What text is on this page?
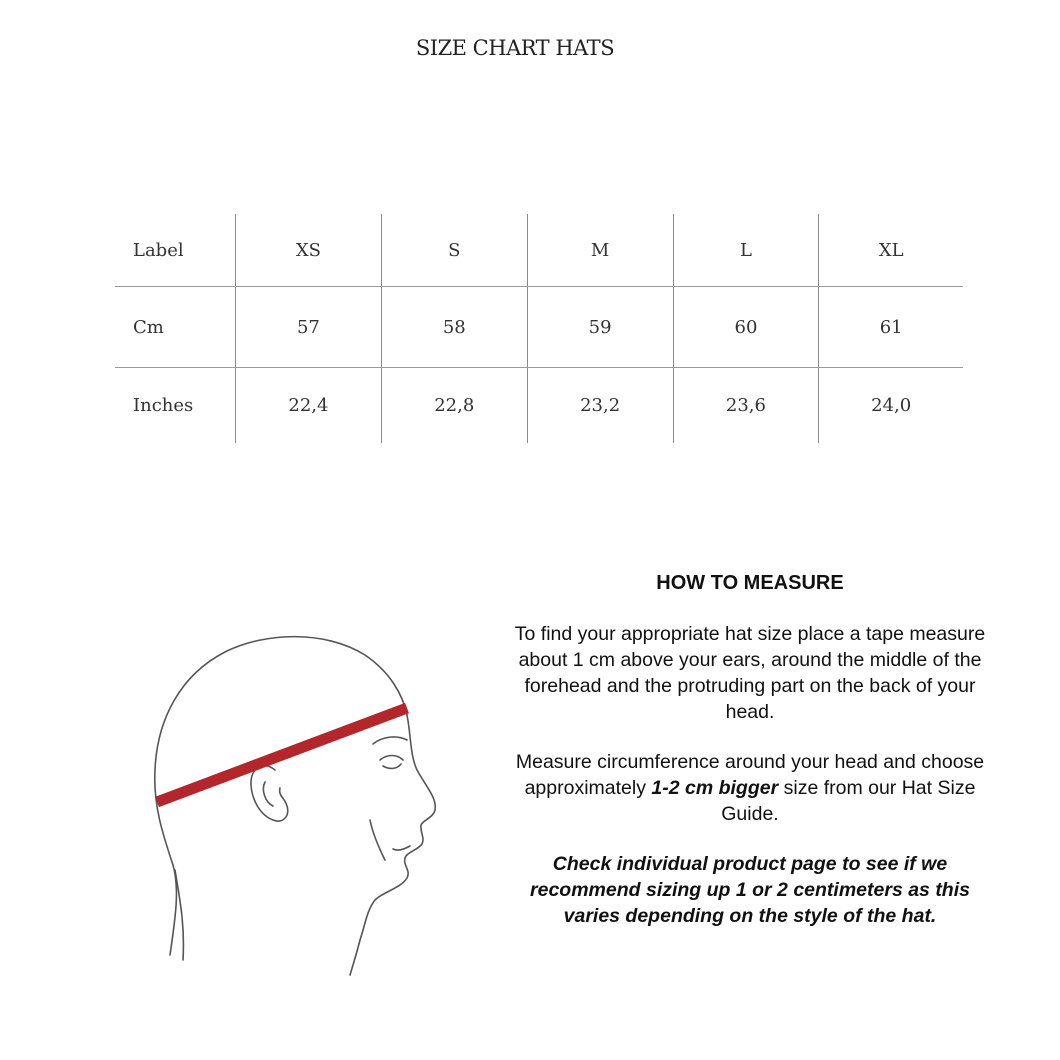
SIZE CHART HATS
Label	XS	S	M	L	XL
Cm	57	58	59	60	61
Inches	22,4	22,8	23,2	23,6	24,0
HOW TO MEASURE

To find your appropriate hat size place a tape measure about 1 cm above your ears, around the middle of the forehead and the protruding part on the back of your head.

Measure circumference around your head and choose approximately 1-2 cm bigger size from our Hat Size Guide.

Check individual product page to see if we recommend sizing up 1 or 2 centimeters as this varies depending on the style of the hat.
